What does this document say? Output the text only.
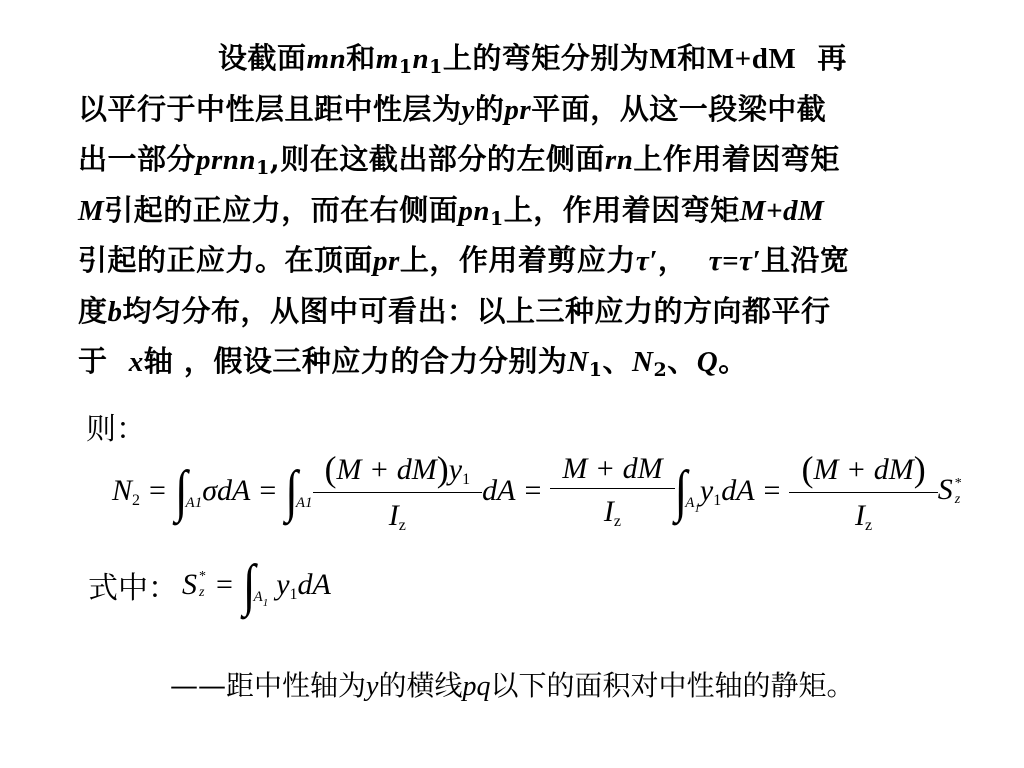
设截面mn和$m_1n_1$上的弯矩分别为M和M+dM 再
以平行于中性层且距中性层为y的pr平面，从这一段梁中截
出一部分prnn$_1$,则在这截出部分的左侧面rn上作用着因弯矩
M引起的正应力，而在右侧面$pn_1$上，作用着因弯矩M+dM
引起的正应力。在顶面pr上，作用着剪应力τ′， τ=τ′且沿宽
度b均匀分布，从图中可看出：以上三种应力的方向都平行
于 x轴 ，假设三种应力的合力分别为$N_1$、$N_2$、Q。
则：
$N_2$ = ∫
A1 σdA = ∫
$A1 \frac{(M + dM)y_1}{I_z}$ dA = $\frac{M + dM}{I_z}$ ∫
$A_1$
$y_1dA = \frac{(M + dM)}{I_z}$ S *
z
式中： S *
z = ∫
$A_1$
$y_1dA$
——距中性轴为y的横线pq以下的面积对中性轴的静矩。
